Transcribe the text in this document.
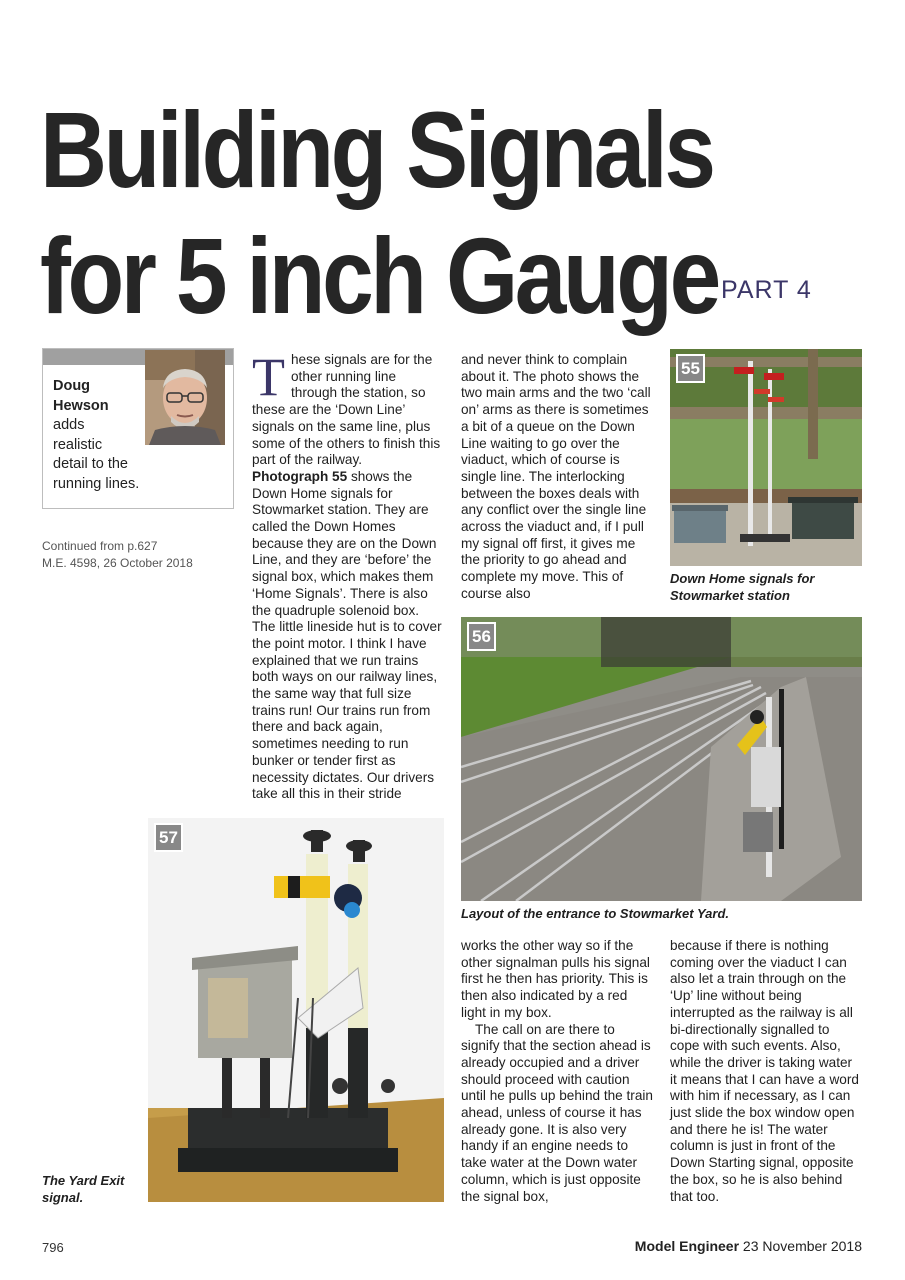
Building Signals
for 5 inch Gauge PART 4
Doug
Hewson
adds
realistic
detail to the
running lines.
Continued from p.627
M.E. 4598, 26 October 2018

These signals are for the other running line through the station, so these are the ‘Down Line’ signals on the same line, plus some of the others to finish this part of the railway.

Photograph 55 shows the Down Home signals for Stowmarket station. They are called the Down Homes because they are on the Down Line, and they are ‘before’ the signal box, which makes them ‘Home Signals’. There is also the quadruple solenoid box. The little lineside hut is to cover the point motor. I think I have explained that we run trains both ways on our railway lines, the same way that full size trains run! Our trains run from there and back again, sometimes needing to run bunker or tender first as necessity dictates. Our drivers take all this in their stride

and never think to complain about it. The photo shows the two main arms and the two ‘call on’ arms as there is sometimes a bit of a queue on the Down Line waiting to go over the viaduct, which of course is single line. The interlocking between the boxes deals with any conflict over the single line across the viaduct and, if I pull my signal off first, it gives me the priority to go ahead and complete my move. This of course also

55
Down Home signals for
Stowmarket station
56
Layout of the entrance to Stowmarket Yard.
57
The Yard Exit
signal.

works the other way so if the other signalman pulls his signal first he then has priority. This is then also indicated by a red light in my box.

The call on are there to signify that the section ahead is already occupied and a driver should proceed with caution until he pulls up behind the train ahead, unless of course it has already gone. It is also very handy if an engine needs to take water at the Down water column, which is just opposite the signal box,

because if there is nothing coming over the viaduct I can also let a train through on the ‘Up’ line without being interrupted as the railway is all bi-directionally signalled to cope with such events. Also, while the driver is taking water it means that I can have a word with him if necessary, as I can just slide the box window open and there he is! The water column is just in front of the Down Starting signal, opposite the box, so he is also behind that too.

796	Model Engineer 23 November 2018
